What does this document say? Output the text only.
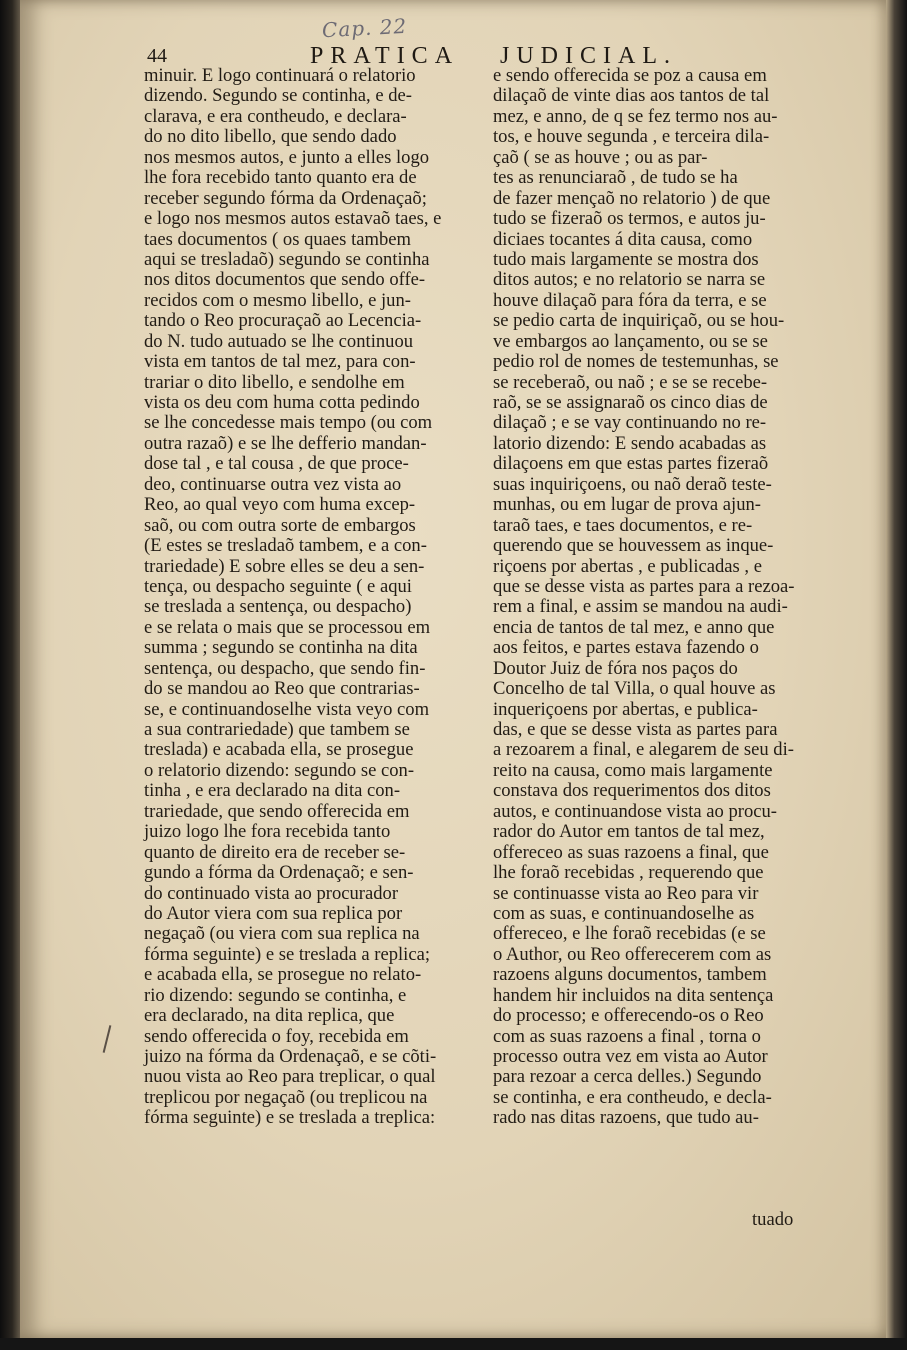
Cap. 22
44	PRATICA JUDICIAL.
minuir. E logo continuará o relatorio
dizendo. Segundo se continha, e de-
clarava, e era contheudo, e declara-
do no dito libello, que sendo dado
nos mesmos autos, e junto a elles logo
lhe fora recebido tanto quanto era de
receber segundo fórma da Ordenaçaõ;
e logo nos mesmos autos estavaõ taes, e
taes documentos ( os quaes tambem
aqui se tresladaõ) segundo se continha
nos ditos documentos que sendo offe-
recidos com o mesmo libello, e jun-
tando o Reo procuraçaõ ao Lecencia-
do N. tudo autuado se lhe continuou
vista em tantos de tal mez, para con-
trariar o dito libello, e sendolhe em
vista os deu com huma cotta pedindo
se lhe concedesse mais tempo (ou com
outra razaõ) e se lhe defferio mandan-
dose tal , e tal cousa , de que proce-
deo, continuarse outra vez vista ao
Reo, ao qual veyo com huma excep-
saõ, ou com outra sorte de embargos
(E estes se tresladaõ tambem, e a con-
trariedade) E sobre elles se deu a sen-
tença, ou despacho seguinte ( e aqui
se treslada a sentença, ou despacho)
e se relata o mais que se processou em
summa ; segundo se continha na dita
sentença, ou despacho, que sendo fin-
do se mandou ao Reo que contrarias-
se, e continuandoselhe vista veyo com
a sua contrariedade) que tambem se
treslada) e acabada ella, se prosegue
o relatorio dizendo: segundo se con-
tinha , e era declarado na dita con-
trariedade, que sendo offerecida em
juizo logo lhe fora recebida tanto
quanto de direito era de receber se-
gundo a fórma da Ordenaçaõ; e sen-
do continuado vista ao procurador
do Autor viera com sua replica por
negaçaõ (ou viera com sua replica na
fórma seguinte) e se treslada a replica;
e acabada ella, se prosegue no relato-
rio dizendo: segundo se continha, e
era declarado, na dita replica, que
sendo offerecida o foy, recebida em
juizo na fórma da Ordenaçaõ, e se cõti-
nuou vista ao Reo para treplicar, o qual
treplicou por negaçaõ (ou treplicou na
fórma seguinte) e se treslada a treplica:
e sendo offerecida se poz a causa em
dilaçaõ de vinte dias aos tantos de tal
mez, e anno, de q se fez termo nos au-
tos, e houve segunda , e terceira dila-
çaõ ( se as houve ; ou as par-
tes as renunciaraõ , de tudo se ha
de fazer mençaõ no relatorio ) de que
tudo se fizeraõ os termos, e autos ju-
diciaes tocantes á dita causa, como
tudo mais largamente se mostra dos
ditos autos; e no relatorio se narra se
houve dilaçaõ para fóra da terra, e se
se pedio carta de inquiriçaõ, ou se hou-
ve embargos ao lançamento, ou se se
pedio rol de nomes de testemunhas, se
se receberaõ, ou naõ ; e se se recebe-
raõ, se se assignaraõ os cinco dias de
dilaçaõ ; e se vay continuando no re-
latorio dizendo: E sendo acabadas as
dilaçoens em que estas partes fizeraõ
suas inquiriçoens, ou naõ deraõ teste-
munhas, ou em lugar de prova ajun-
taraõ taes, e taes documentos, e re-
querendo que se houvessem as inque-
riçoens por abertas , e publicadas , e
que se desse vista as partes para a rezoa-
rem a final, e assim se mandou na audi-
encia de tantos de tal mez, e anno que
aos feitos, e partes estava fazendo o
Doutor Juiz de fóra nos paços do
Concelho de tal Villa, o qual houve as
inqueriçoens por abertas, e publica-
das, e que se desse vista as partes para
a rezoarem a final, e alegarem de seu di-
reito na causa, como mais largamente
constava dos requerimentos dos ditos
autos, e continuandose vista ao procu-
rador do Autor em tantos de tal mez,
offereceo as suas razoens a final, que
lhe foraõ recebidas , requerendo que
se continuasse vista ao Reo para vir
com as suas, e continuandoselhe as
offereceo, e lhe foraõ recebidas (e se
o Author, ou Reo offerecerem com as
razoens alguns documentos, tambem
handem hir incluidos na dita sentença
do processo; e offerecendo-os o Reo
com as suas razoens a final , torna o
processo outra vez em vista ao Autor
para rezoar a cerca delles.) Segundo
se continha, e era contheudo, e decla-
rado nas ditas razoens, que tudo au-
tuado
